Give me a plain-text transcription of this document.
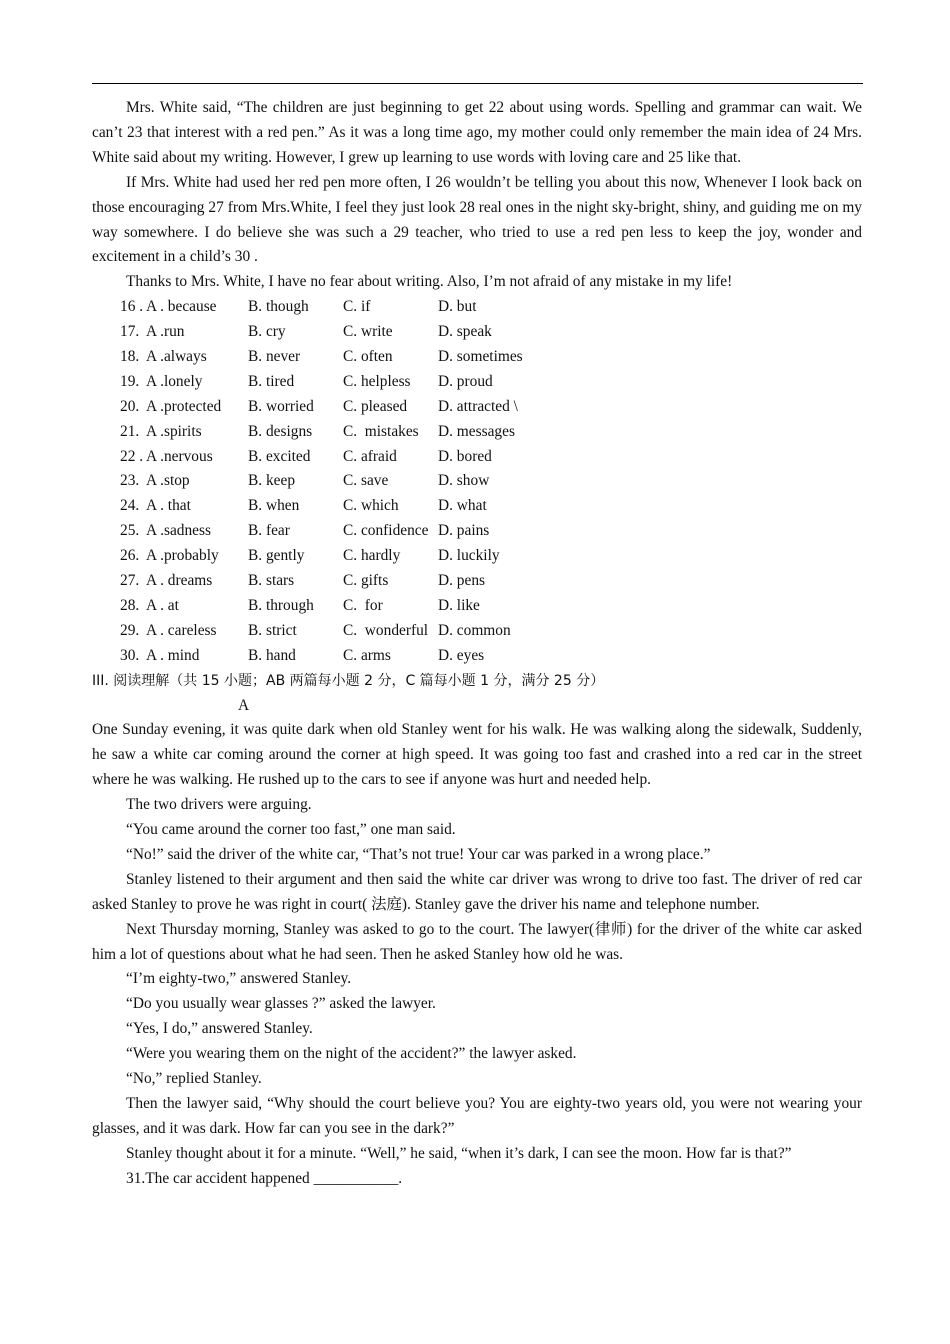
Mrs. White said, “The children are just beginning to get 22 about using words. Spelling and grammar can wait. We can’t 23 that interest with a red pen.” As it was a long time ago, my mother could only remember the main idea of 24 Mrs. White said about my writing. However, I grew up learning to use words with loving care and 25 like that.

If Mrs. White had used her red pen more often, I 26 wouldn’t be telling you about this now, Whenever I look back on those encouraging 27 from Mrs.White, I feel they just look 28 real ones in the night sky-bright, shiny, and guiding me on my way somewhere. I do believe she was such a 29 teacher, who tried to use a red pen less to keep the joy, wonder and excitement in a child’s 30 .

Thanks to Mrs. White, I have no fear about writing. Also, I’m not afraid of any mistake in my life!

16 . A . because	B. though	C. if	D. but
17. A .run	B. cry	C. write	D. speak
18. A .always	B. never	C. often	D. sometimes
19. A .lonely	B. tired	C. helpless	D. proud
20. A .protected	B. worried	C. pleased	D. attracted \
21. A .spirits	B. designs	C.  mistakes	D. messages
22 . A .nervous	B. excited	C. afraid	D. bored
23. A .stop	B. keep	C. save	D. show
24. A . that	B. when	C. which	D. what
25. A .sadness	B. fear	C. confidence D. pains
26. A .probably	B. gently	C. hardly	D. luckily
27. A . dreams	B. stars	C. gifts	D. pens
28. A . at	B. through	C.  for	D. like
29. A . careless	B. strict	C.  wonderful D. common
30. A . mind	B. hand	C. arms	D. eyes

III. 阅读理解（共 15 小题；AB 两篇每小题 2 分，C 篇每小题 1 分，满分 25 分）

A

One Sunday evening, it was quite dark when old Stanley went for his walk. He was walking along the sidewalk, Suddenly, he saw a white car coming around the corner at high speed. It was going too fast and crashed into a red car in the street where he was walking. He rushed up to the cars to see if anyone was hurt and needed help.

The two drivers were arguing.

“You came around the corner too fast,” one man said.

“No!” said the driver of the white car, “That’s not true! Your car was parked in a wrong place.”

Stanley listened to their argument and then said the white car driver was wrong to drive too fast. The driver of red car asked Stanley to prove he was right in court( 法庭). Stanley gave the driver his name and telephone number.

Next Thursday morning, Stanley was asked to go to the court. The lawyer(律师) for the driver of the white car asked him a lot of questions about what he had seen. Then he asked Stanley how old he was.

“I’m eighty-two,” answered Stanley.

“Do you usually wear glasses ?” asked the lawyer.

“Yes, I do,” answered Stanley.

“Were you wearing them on the night of the accident?” the lawyer asked.

“No,” replied Stanley.

Then the lawyer said, “Why should the court believe you? You are eighty-two years old, you were not wearing your glasses, and it was dark. How far can you see in the dark?”

Stanley thought about it for a minute. “Well,” he said, “when it’s dark, I can see the moon. How far is that?”

31.The car accident happened ___________.
